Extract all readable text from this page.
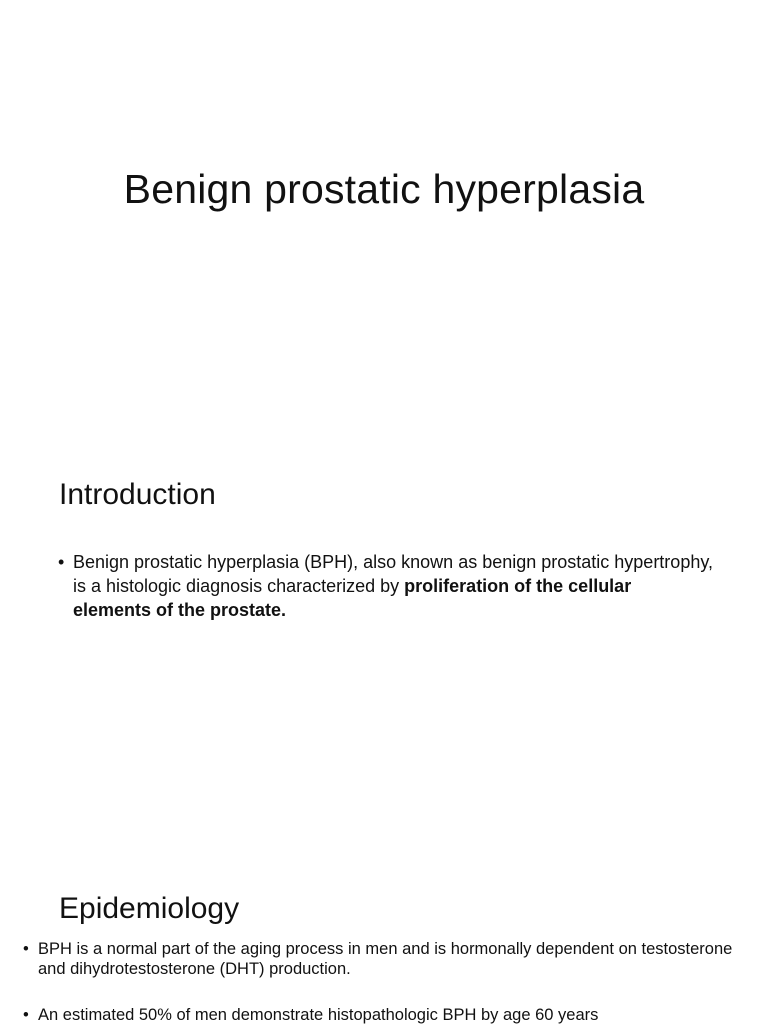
Benign prostatic hyperplasia
Introduction
• Benign prostatic hyperplasia (BPH), also known as benign prostatic hypertrophy, is a histologic diagnosis characterized by proliferation of the cellular elements of the prostate.
Epidemiology
• BPH is a normal part of the aging process in men and is hormonally dependent on testosterone and dihydrotestosterone (DHT) production.
• An estimated 50% of men demonstrate histopathologic BPH by age 60 years
